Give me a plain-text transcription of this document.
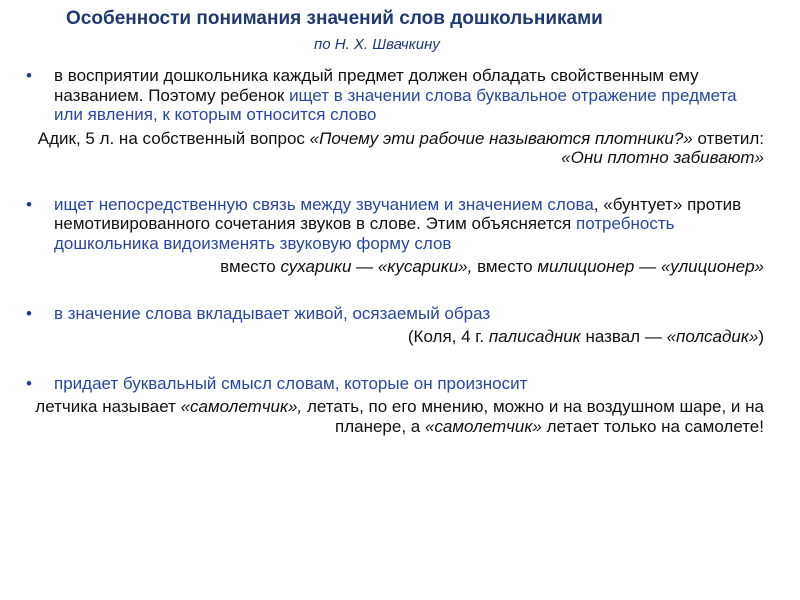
Особенности понимания значений слов дошкольниками
по Н. Х. Швачкину
• в восприятии дошкольника каждый предмет должен обладать свойственным ему названием. Поэтому ребенок ищет в значении слова буквальное отражение предмета или явления, к которым относится слово
Адик, 5 л. на собственный вопрос «Почему эти рабочие называются плотники?» ответил: «Они плотно забивают»
• ищет непосредственную связь между звучанием и значением слова, «бунтует» против немотивированного сочетания звуков в слове. Этим объясняется потребность дошкольника видоизменять звуковую форму слов
вместо сухарики — «кусарики», вместо милиционер — «улиционер»
• в значение слова вкладывает живой, осязаемый образ
(Коля, 4 г. палисадник назвал — «полсадик»)
• придает буквальный смысл словам, которые он произносит
летчика называет «самолетчик», летать, по его мнению, можно и на воздушном шаре, и на планере, а «самолетчик» летает только на самолете!
